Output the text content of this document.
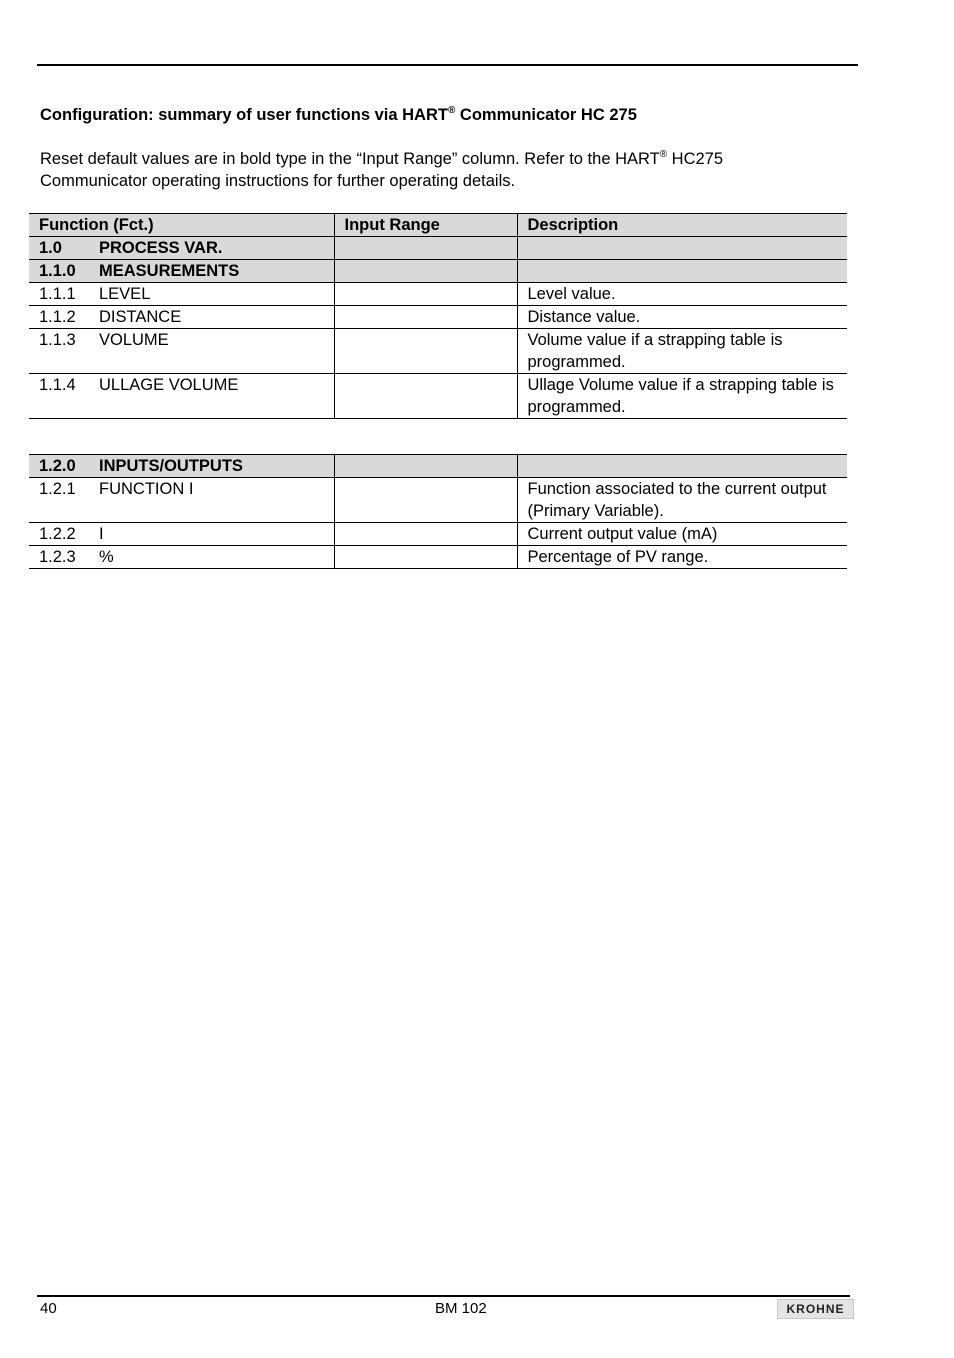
Configuration: summary of user functions via HART® Communicator HC 275
Reset default values are in bold type in the “Input Range” column. Refer to the HART® HC275
Communicator operating instructions for further operating details.
Function (Fct.)	Input Range	Description
1.0 PROCESS VAR.		
1.1.0 MEASUREMENTS		
1.1.1 LEVEL		Level value.
1.1.2 DISTANCE		Distance value.
1.1.3 VOLUME		Volume value if a strapping table is programmed.
1.1.4 ULLAGE VOLUME		Ullage Volume value if a strapping table is programmed.
1.2.0 INPUTS/OUTPUTS		
1.2.1 FUNCTION I		Function associated to the current output (Primary Variable).
1.2.2 I		Current output value (mA)
1.2.3 %		Percentage of PV range.
40	BM 102	KROHNE
